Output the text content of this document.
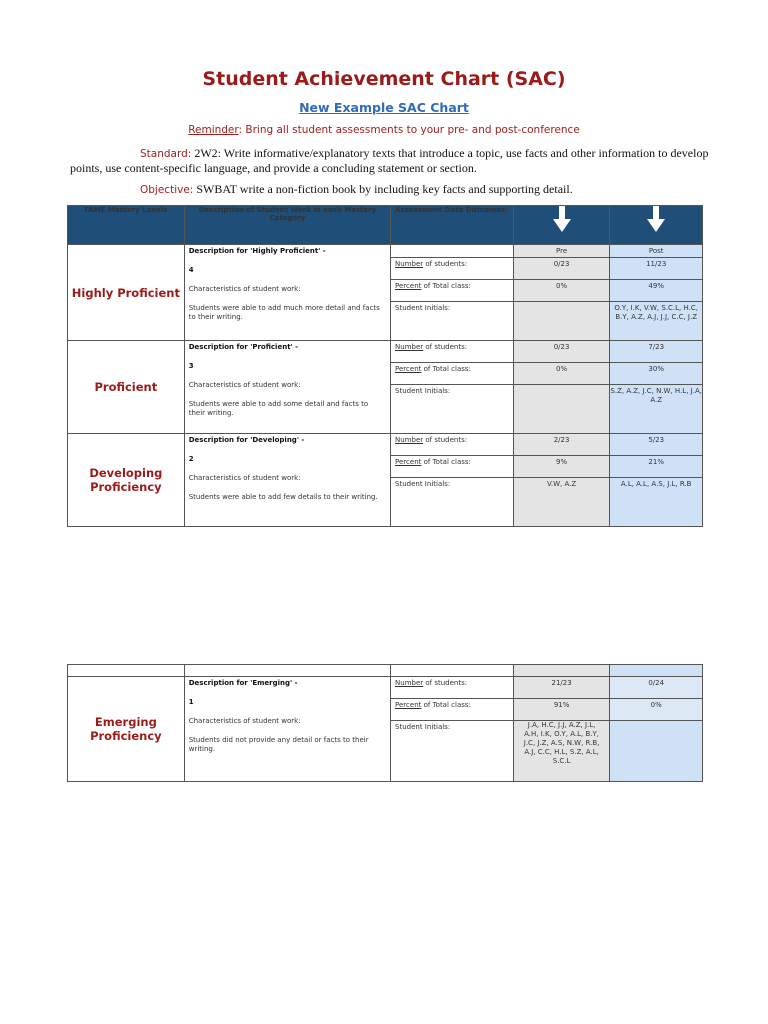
Student Achievement Chart (SAC)
New Example SAC Chart
Reminder: Bring all student assessments to your pre- and post-conference
Standard: 2W2: Write informative/explanatory texts that introduce a topic, use facts and other information to develop points, use content-specific language, and provide a concluding statement or section.
Objective: SWBAT write a non-fiction book by including key facts and supporting detail.
FAME Mastery Levels	Description of Student Work in each Mastery Category	Assessment Data Outcomes:	

Highly Proficient	Description for 'Highly Proficient' -

4

Characteristics of student work:

Students were able to add much more detail and facts to their writing.		Pre	Post
		Number of students:	0/23	11/23
		Percent of Total class:	0%	49%
		Student Initials:		O.Y, I.K, V.W, S.C.L, H.C, B.Y, A.Z, A.J, J.J, C.C, J.Z
Proficient	Description for 'Proficient' -

3

Characteristics of student work:

Students were able to add some detail and facts to their writing.	Number of students:	0/23	7/23
		Percent of Total class:	0%	30%
		Student Initials:		S.Z, A.Z, J.C, N.W, H.L, J.A, A.Z
Developing Proficiency	Description for 'Developing' -

2

Characteristics of student work:

Students were able to add few details to their writing.	Number of students:	2/23	5/23
		Percent of Total class:	9%	21%
		Student Initials:	V.W, A.Z	A.L, A.L, A.S, J.L, R.B

Emerging Proficiency	Description for 'Emerging' -

1

Characteristics of student work:

Students did not provide any detail or facts to their writing.	Number of students:	21/23	0/24
		Percent of Total class:	91%	0%
		Student Initials:	J.A, H.C, J.J, A.Z, J.L, A.H, I.K, O.Y, A.L, B.Y, J.C, J.Z, A.S, N.W, R.B, A.J, C.C, H.L, S.Z, A.L, S.C.L	
